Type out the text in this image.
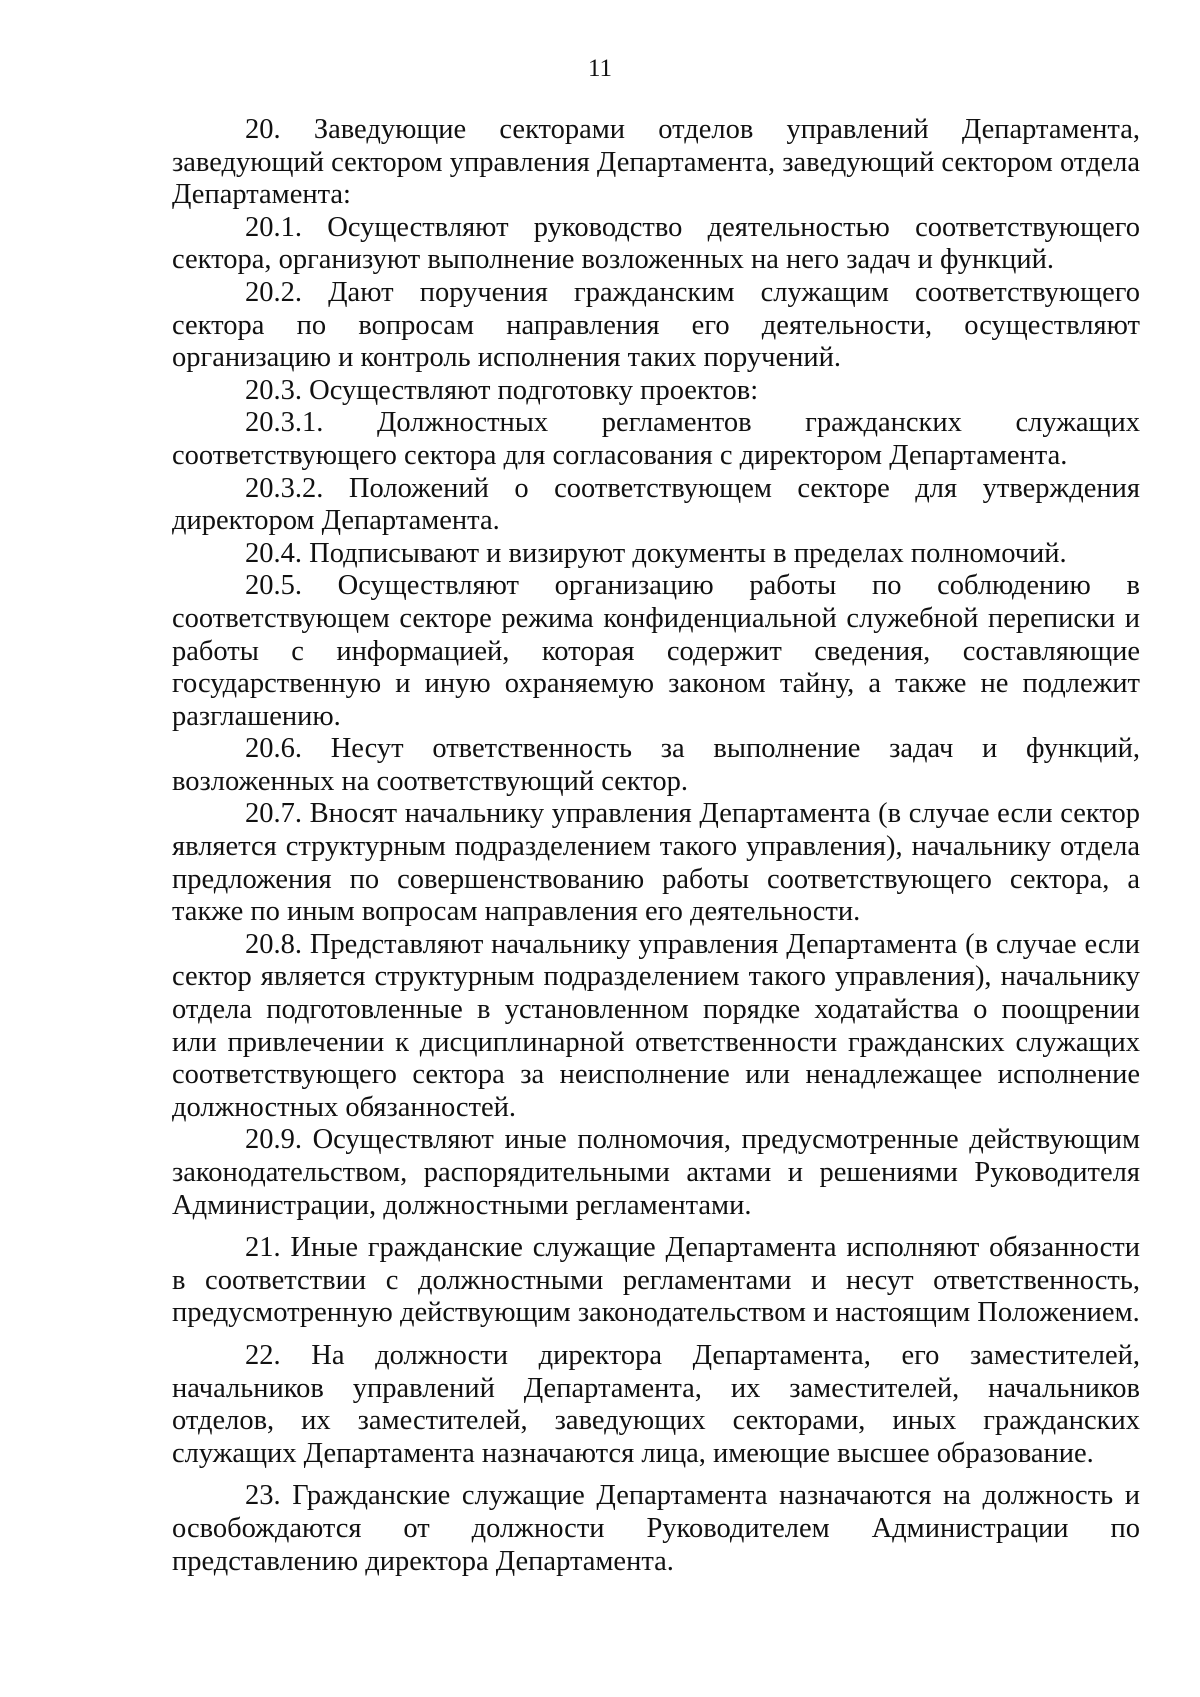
11

20. Заведующие секторами отделов управлений Департамента, заведующий сектором управления Департамента, заведующий сектором отдела Департамента:

20.1. Осуществляют руководство деятельностью соответствующего сектора, организуют выполнение возложенных на него задач и функций.

20.2. Дают поручения гражданским служащим соответствующего сектора по вопросам направления его деятельности, осуществляют организацию и контроль исполнения таких поручений.

20.3. Осуществляют подготовку проектов:

20.3.1. Должностных регламентов гражданских служащих соответствующего сектора для согласования с директором Департамента.

20.3.2. Положений о соответствующем секторе для утверждения директором Департамента.

20.4. Подписывают и визируют документы в пределах полномочий.

20.5. Осуществляют организацию работы по соблюдению в соответствующем секторе режима конфиденциальной служебной переписки и работы с информацией, которая содержит сведения, составляющие государственную и иную охраняемую законом тайну, а также не подлежит разглашению.

20.6. Несут ответственность за выполнение задач и функций, возложенных на соответствующий сектор.

20.7. Вносят начальнику управления Департамента (в случае если сектор является структурным подразделением такого управления), начальнику отдела предложения по совершенствованию работы соответствующего сектора, а также по иным вопросам направления его деятельности.

20.8. Представляют начальнику управления Департамента (в случае если сектор является структурным подразделением такого управления), начальнику отдела подготовленные в установленном порядке ходатайства о поощрении или привлечении к дисциплинарной ответственности гражданских служащих соответствующего сектора за неисполнение или ненадлежащее исполнение должностных обязанностей.

20.9. Осуществляют иные полномочия, предусмотренные действующим законодательством, распорядительными актами и решениями Руководителя Администрации, должностными регламентами.

21. Иные гражданские служащие Департамента исполняют обязанности в соответствии с должностными регламентами и несут ответственность, предусмотренную действующим законодательством и настоящим Положением.

22. На должности директора Департамента, его заместителей, начальников управлений Департамента, их заместителей, начальников отделов, их заместителей, заведующих секторами, иных гражданских служащих Департамента назначаются лица, имеющие высшее образование.

23. Гражданские служащие Департамента назначаются на должность и освобождаются от должности Руководителем Администрации по представлению директора Департамента.
